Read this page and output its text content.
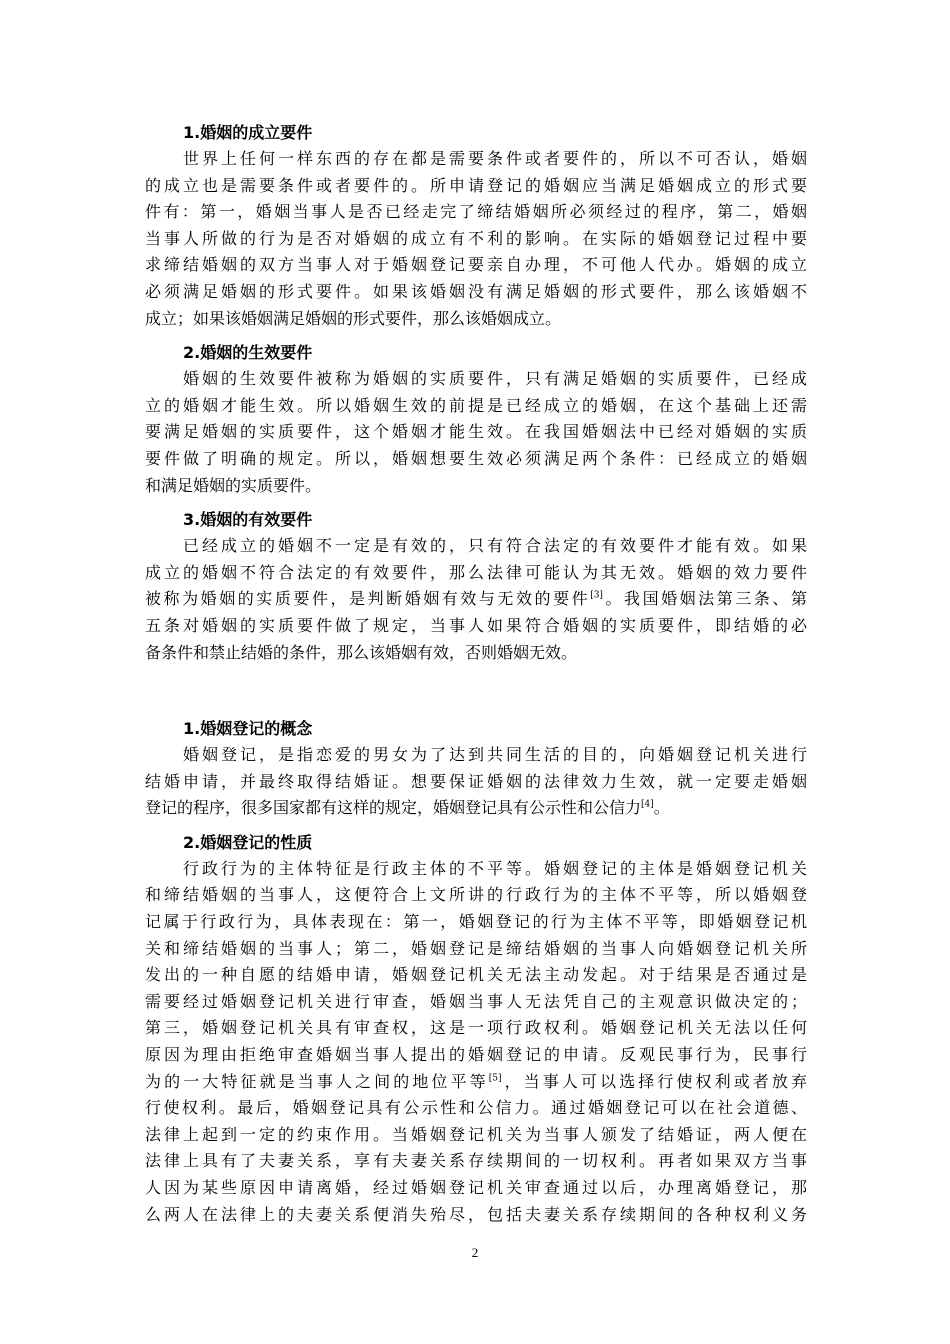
1.婚姻的成立要件
世界上任何一样东西的存在都是需要条件或者要件的，所以不可否认，婚姻
的成立也是需要条件或者要件的。所申请登记的婚姻应当满足婚姻成立的形式要
件有：第一，婚姻当事人是否已经走完了缔结婚姻所必须经过的程序，第二，婚姻
当事人所做的行为是否对婚姻的成立有不利的影响。在实际的婚姻登记过程中要
求缔结婚姻的双方当事人对于婚姻登记要亲自办理，不可他人代办。婚姻的成立
必须满足婚姻的形式要件。如果该婚姻没有满足婚姻的形式要件，那么该婚姻不
成立；如果该婚姻满足婚姻的形式要件，那么该婚姻成立。
2.婚姻的生效要件
婚姻的生效要件被称为婚姻的实质要件，只有满足婚姻的实质要件，已经成
立的婚姻才能生效。所以婚姻生效的前提是已经成立的婚姻，在这个基础上还需
要满足婚姻的实质要件，这个婚姻才能生效。在我国婚姻法中已经对婚姻的实质
要件做了明确的规定。所以，婚姻想要生效必须满足两个条件：已经成立的婚姻
和满足婚姻的实质要件。
3.婚姻的有效要件
已经成立的婚姻不一定是有效的，只有符合法定的有效要件才能有效。如果
成立的婚姻不符合法定的有效要件，那么法律可能认为其无效。婚姻的效力要件
被称为婚姻的实质要件，是判断婚姻有效与无效的要件[3]。我国婚姻法第三条、第
五条对婚姻的实质要件做了规定，当事人如果符合婚姻的实质要件，即结婚的必
备条件和禁止结婚的条件，那么该婚姻有效，否则婚姻无效。
1.婚姻登记的概念
婚姻登记，是指恋爱的男女为了达到共同生活的目的，向婚姻登记机关进行
结婚申请，并最终取得结婚证。想要保证婚姻的法律效力生效，就一定要走婚姻
登记的程序，很多国家都有这样的规定，婚姻登记具有公示性和公信力[4]。
2.婚姻登记的性质
行政行为的主体特征是行政主体的不平等。婚姻登记的主体是婚姻登记机关
和缔结婚姻的当事人，这便符合上文所讲的行政行为的主体不平等，所以婚姻登
记属于行政行为，具体表现在：第一，婚姻登记的行为主体不平等，即婚姻登记机
关和缔结婚姻的当事人；第二，婚姻登记是缔结婚姻的当事人向婚姻登记机关所
发出的一种自愿的结婚申请，婚姻登记机关无法主动发起。对于结果是否通过是
需要经过婚姻登记机关进行审查，婚姻当事人无法凭自己的主观意识做决定的；
第三，婚姻登记机关具有审查权，这是一项行政权利。婚姻登记机关无法以任何
原因为理由拒绝审查婚姻当事人提出的婚姻登记的申请。反观民事行为，民事行
为的一大特征就是当事人之间的地位平等[5]，当事人可以选择行使权利或者放弃
行使权利。最后，婚姻登记具有公示性和公信力。通过婚姻登记可以在社会道德、
法律上起到一定的约束作用。当婚姻登记机关为当事人颁发了结婚证，两人便在
法律上具有了夫妻关系，享有夫妻关系存续期间的一切权利。再者如果双方当事
人因为某些原因申请离婚，经过婚姻登记机关审查通过以后，办理离婚登记，那
么两人在法律上的夫妻关系便消失殆尽，包括夫妻关系存续期间的各种权利义务
2
